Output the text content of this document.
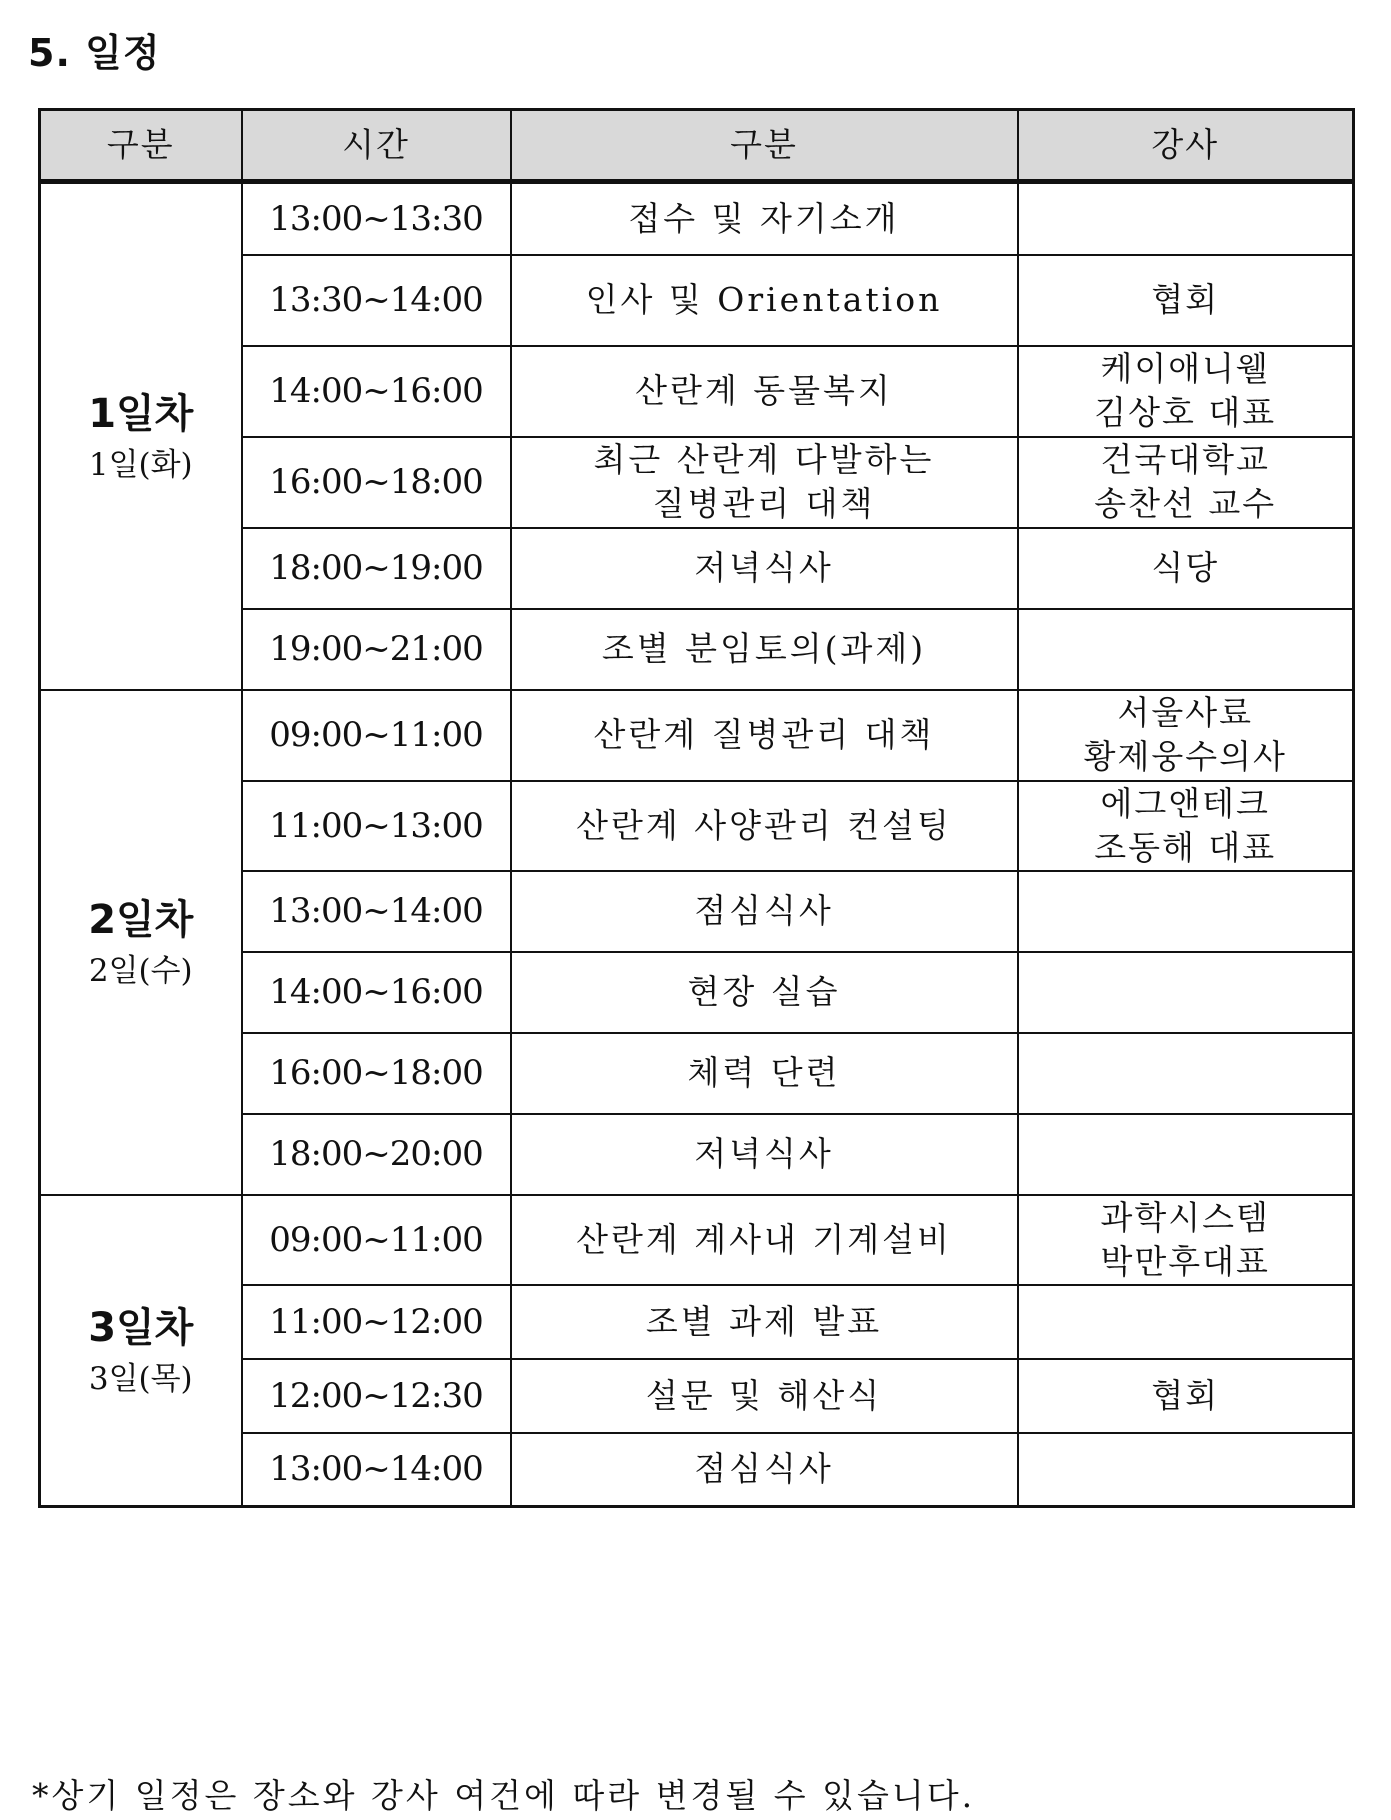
5. 일정
구분	시간	구분	강사

1일차
1일(화)	13:00~13:30	접수 및 자기소개	

	13:30~14:00	인사 및 Orientation	협회

	14:00~16:00	산란계 동물복지	케이애니웰
김상호 대표

	16:00~18:00	최근 산란계 다발하는
질병관리 대책	건국대학교
송찬선 교수

	18:00~19:00	저녁식사	식당

	19:00~21:00	조별 분임토의(과제)	

2일차
2일(수)	09:00~11:00	산란계 질병관리 대책	서울사료
황제웅수의사

	11:00~13:00	산란계 사양관리 컨설팅	에그앤테크
조동해 대표

	13:00~14:00	점심식사	

	14:00~16:00	현장 실습	

	16:00~18:00	체력 단련	

	18:00~20:00	저녁식사	

3일차
3일(목)	09:00~11:00	산란계 계사내 기계설비	과학시스템
박만후대표

	11:00~12:00	조별 과제 발표	

	12:00~12:30	설문 및 해산식	협회

	13:00~14:00	점심식사	

*상기 일정은 장소와 강사 여건에 따라 변경될 수 있습니다.
